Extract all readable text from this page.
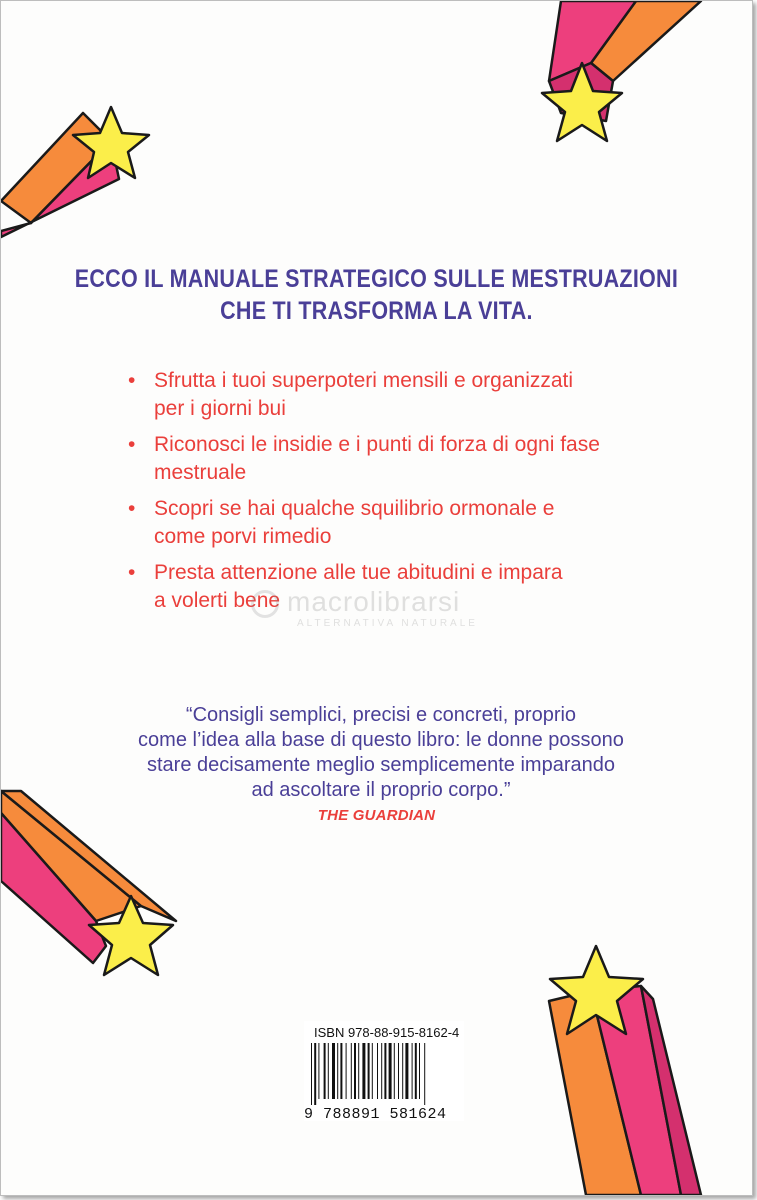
ECCO IL MANUALE STRATEGICO SULLE MESTRUAZIONI
CHE TI TRASFORMA LA VITA.
• Sfrutta i tuoi superpoteri mensili e organizzati
per i giorni bui
• Riconosci le insidie e i punti di forza di ogni fase
mestruale
• Scopri se hai qualche squilibrio ormonale e
come porvi rimedio
• Presta attenzione alle tue abitudini e impara
a volerti bene macrolibrarsi
ALTERNATIVA NATURALE
“Consigli semplici, precisi e concreti, proprio
come l’idea alla base di questo libro: le donne possono
stare decisamente meglio semplicemente imparando
ad ascoltare il proprio corpo.”
THE GUARDIAN
ISBN 978-88-915-8162-4
9 788891 581624
